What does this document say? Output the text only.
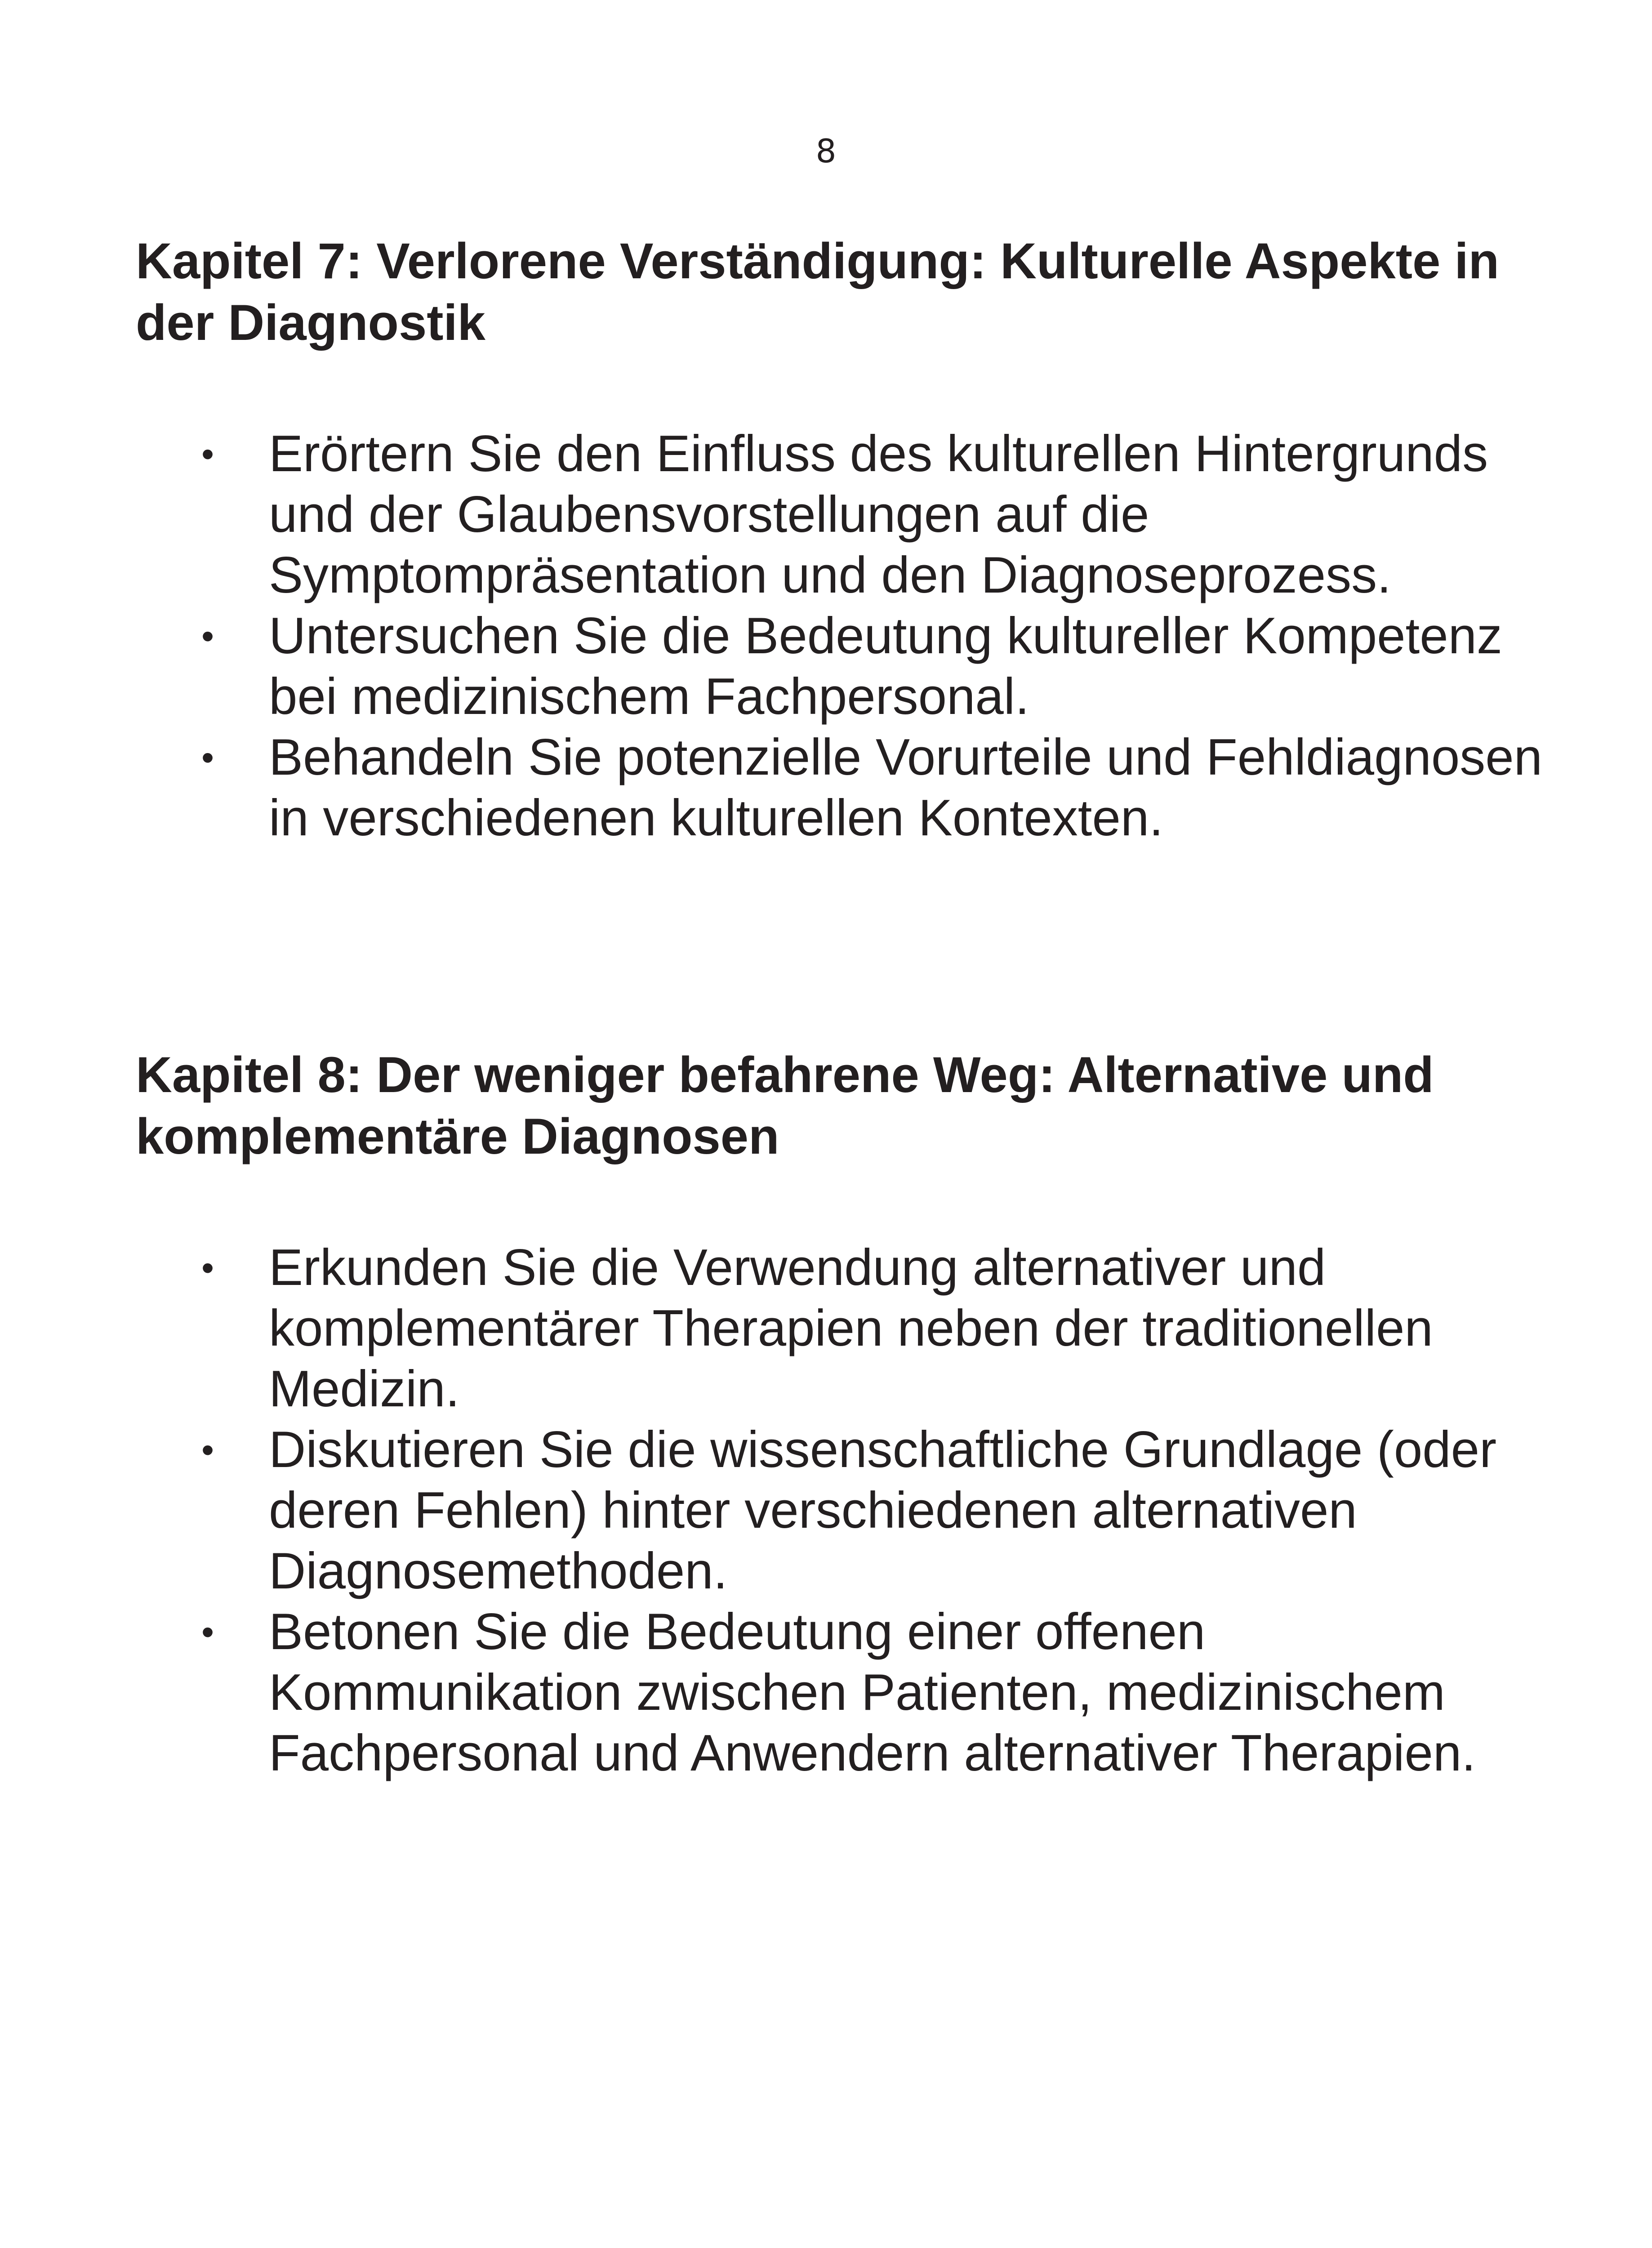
8
Kapitel 7: Verlorene Verständigung: Kulturelle Aspekte in der Diagnostik
• Erörtern Sie den Einfluss des kulturellen Hintergrunds und der Glaubensvorstellungen auf die Symptompräsentation und den Diagnoseprozess.
• Untersuchen Sie die Bedeutung kultureller Kompetenz bei medizinischem Fachpersonal.
• Behandeln Sie potenzielle Vorurteile und Fehldiagnosen in verschiedenen kulturellen Kontexten.
Kapitel 8: Der weniger befahrene Weg: Alternative und komplementäre Diagnosen
• Erkunden Sie die Verwendung alternativer und komplementärer Therapien neben der traditionellen Medizin.
• Diskutieren Sie die wissenschaftliche Grundlage (oder deren Fehlen) hinter verschiedenen alternativen Diagnosemethoden.
• Betonen Sie die Bedeutung einer offenen Kommunikation zwischen Patienten, medizinischem Fachpersonal und Anwendern alternativer Therapien.
